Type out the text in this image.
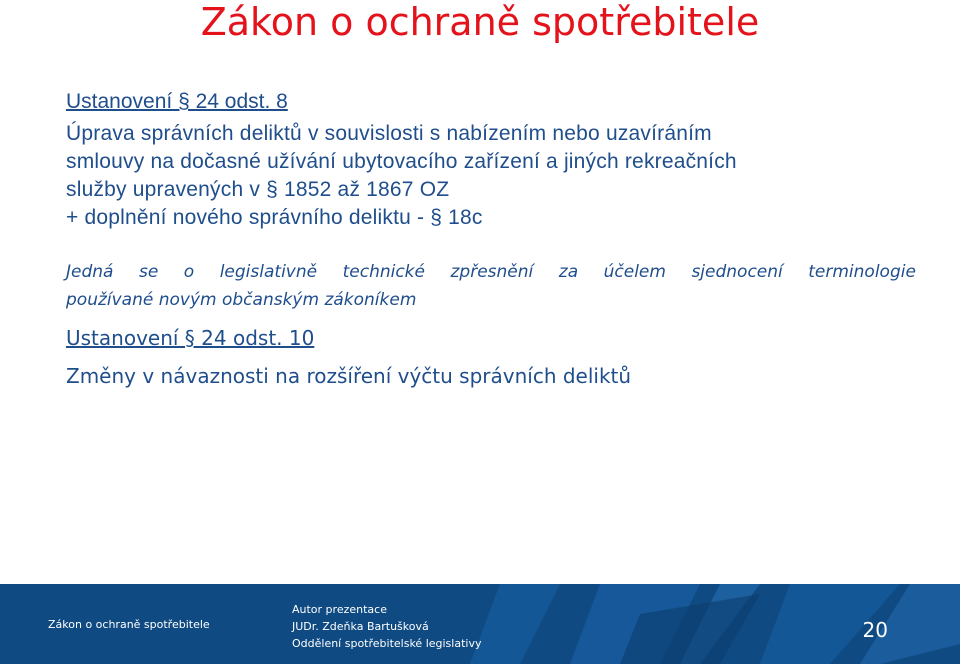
Zákon o ochraně spotřebitele
Ustanovení § 24 odst. 8
Úprava správních deliktů v souvislosti s nabízením nebo uzavíráním
smlouvy na dočasné užívání ubytovacího zařízení a jiných rekreačních
služby upravených v § 1852 až 1867 OZ
+ doplnění nového správního deliktu - § 18c
Jedná se o legislativně technické zpřesnění za účelem sjednocení terminologie
používané novým občanským zákoníkem
Ustanovení § 24 odst. 10
Změny v návaznosti na rozšíření výčtu správních deliktů
Zákon o ochraně spotřebitele
Autor prezentace
JUDr. Zdeňka Bartušková
Oddělení spotřebitelské legislativy
20
